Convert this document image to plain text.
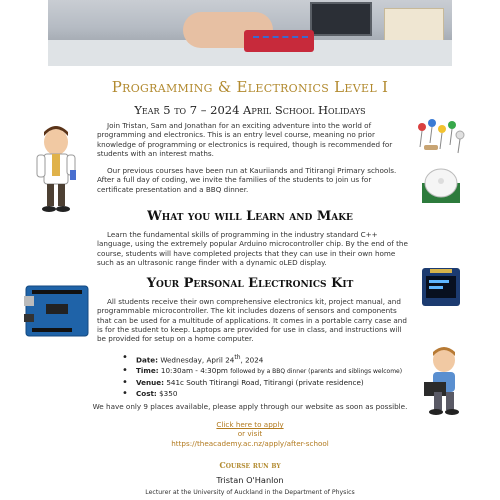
Programming & Electronics Level I
Year 5 to 7 – 2024 April School Holidays

Join Tristan, Sam and Jonathan for an exciting adventure into the world of programming and electronics. This is an entry level course, meaning no prior knowledge of programming or electronics is required, though is recommended for students with an interest maths.

Our previous courses have been run at Kauriiands and Titirangi Primary schools. After a full day of coding, we invite the families of the students to join us for certificate presentation and a BBQ dinner.

What you will Learn and Make

Learn the fundamental skills of programming in the industry standard C++ language, using the extremely popular Arduino microcontroller chip. By the end of the course, students will have completed projects that they can use in their own home such as an ultrasonic range finder with a dynamic oLED display.

Your Personal Electronics Kit

All students receive their own comprehensive electronics kit, project manual, and programmable microcontroller. The kit includes dozens of sensors and components that can be used for a multitude of applications. It comes in a portable carry case and is for the student to keep. Laptops are provided for use in class, and instructions will be provided for setup on a home computer.

• Date: Wednesday, April 24th, 2024
• Time: 10:30am - 4:30pm followed by a BBQ dinner (parents and siblings welcome)
• Venue: 541c South Titirangi Road, Titirangi (private residence)
• Cost: $350

We have only 9 places available, please apply through our website as soon as possible.

Click here to apply
or visit
https://theacademy.ac.nz/apply/after-school

Course run by

Tristan O'Hanlon

Lecturer at the University of Auckland in the Department of Physics
